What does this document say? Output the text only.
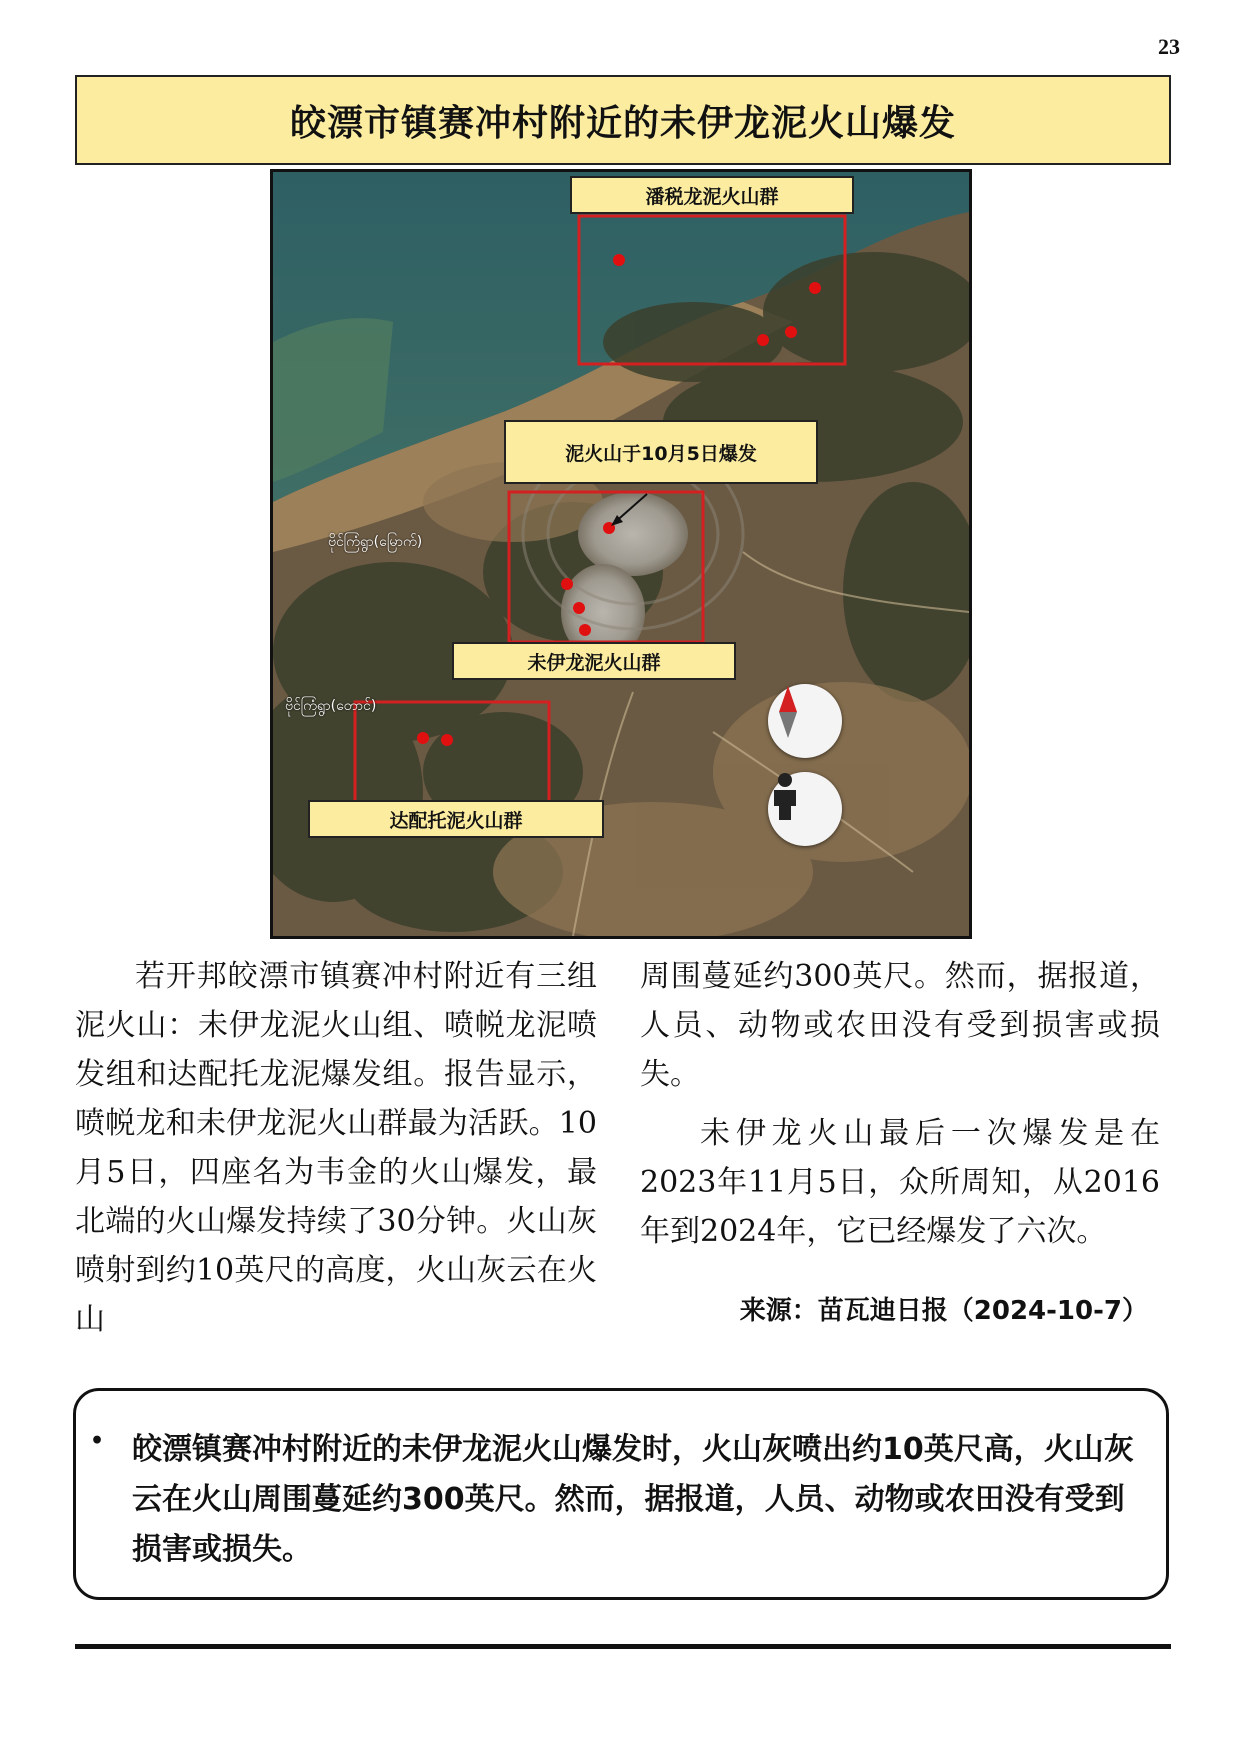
23
皎漂市镇赛冲村附近的未伊龙泥火山爆发
潘税龙泥火山群
泥火山于10月5日爆发
未伊龙泥火山群
达配托泥火山群
ဗိုင်ကြံရွာ(မြောက်)
ဗိုင်ကြံရွာ(တောင်)

若开邦皎漂市镇赛冲村附近有三组泥火山：未伊龙泥火山组、喷帨龙泥喷发组和达配托龙泥爆发组。报告显示，喷帨龙和未伊龙泥火山群最为活跃。10月5日，四座名为韦金的火山爆发，最北端的火山爆发持续了30分钟。火山灰喷射到约10英尺的高度，火山灰云在火山

周围蔓延约300英尺。然而，据报道，人员、动物或农田没有受到损害或损失。

未伊龙火山最后一次爆发是在2023年11月5日，众所周知，从2016年到2024年，它已经爆发了六次。

来源：苗瓦迪日报（2024-10-7）
• 皎漂镇赛冲村附近的未伊龙泥火山爆发时，火山灰喷出约10英尺高，火山灰云在火山周围蔓延约300英尺。然而，据报道，人员、动物或农田没有受到损害或损失。
